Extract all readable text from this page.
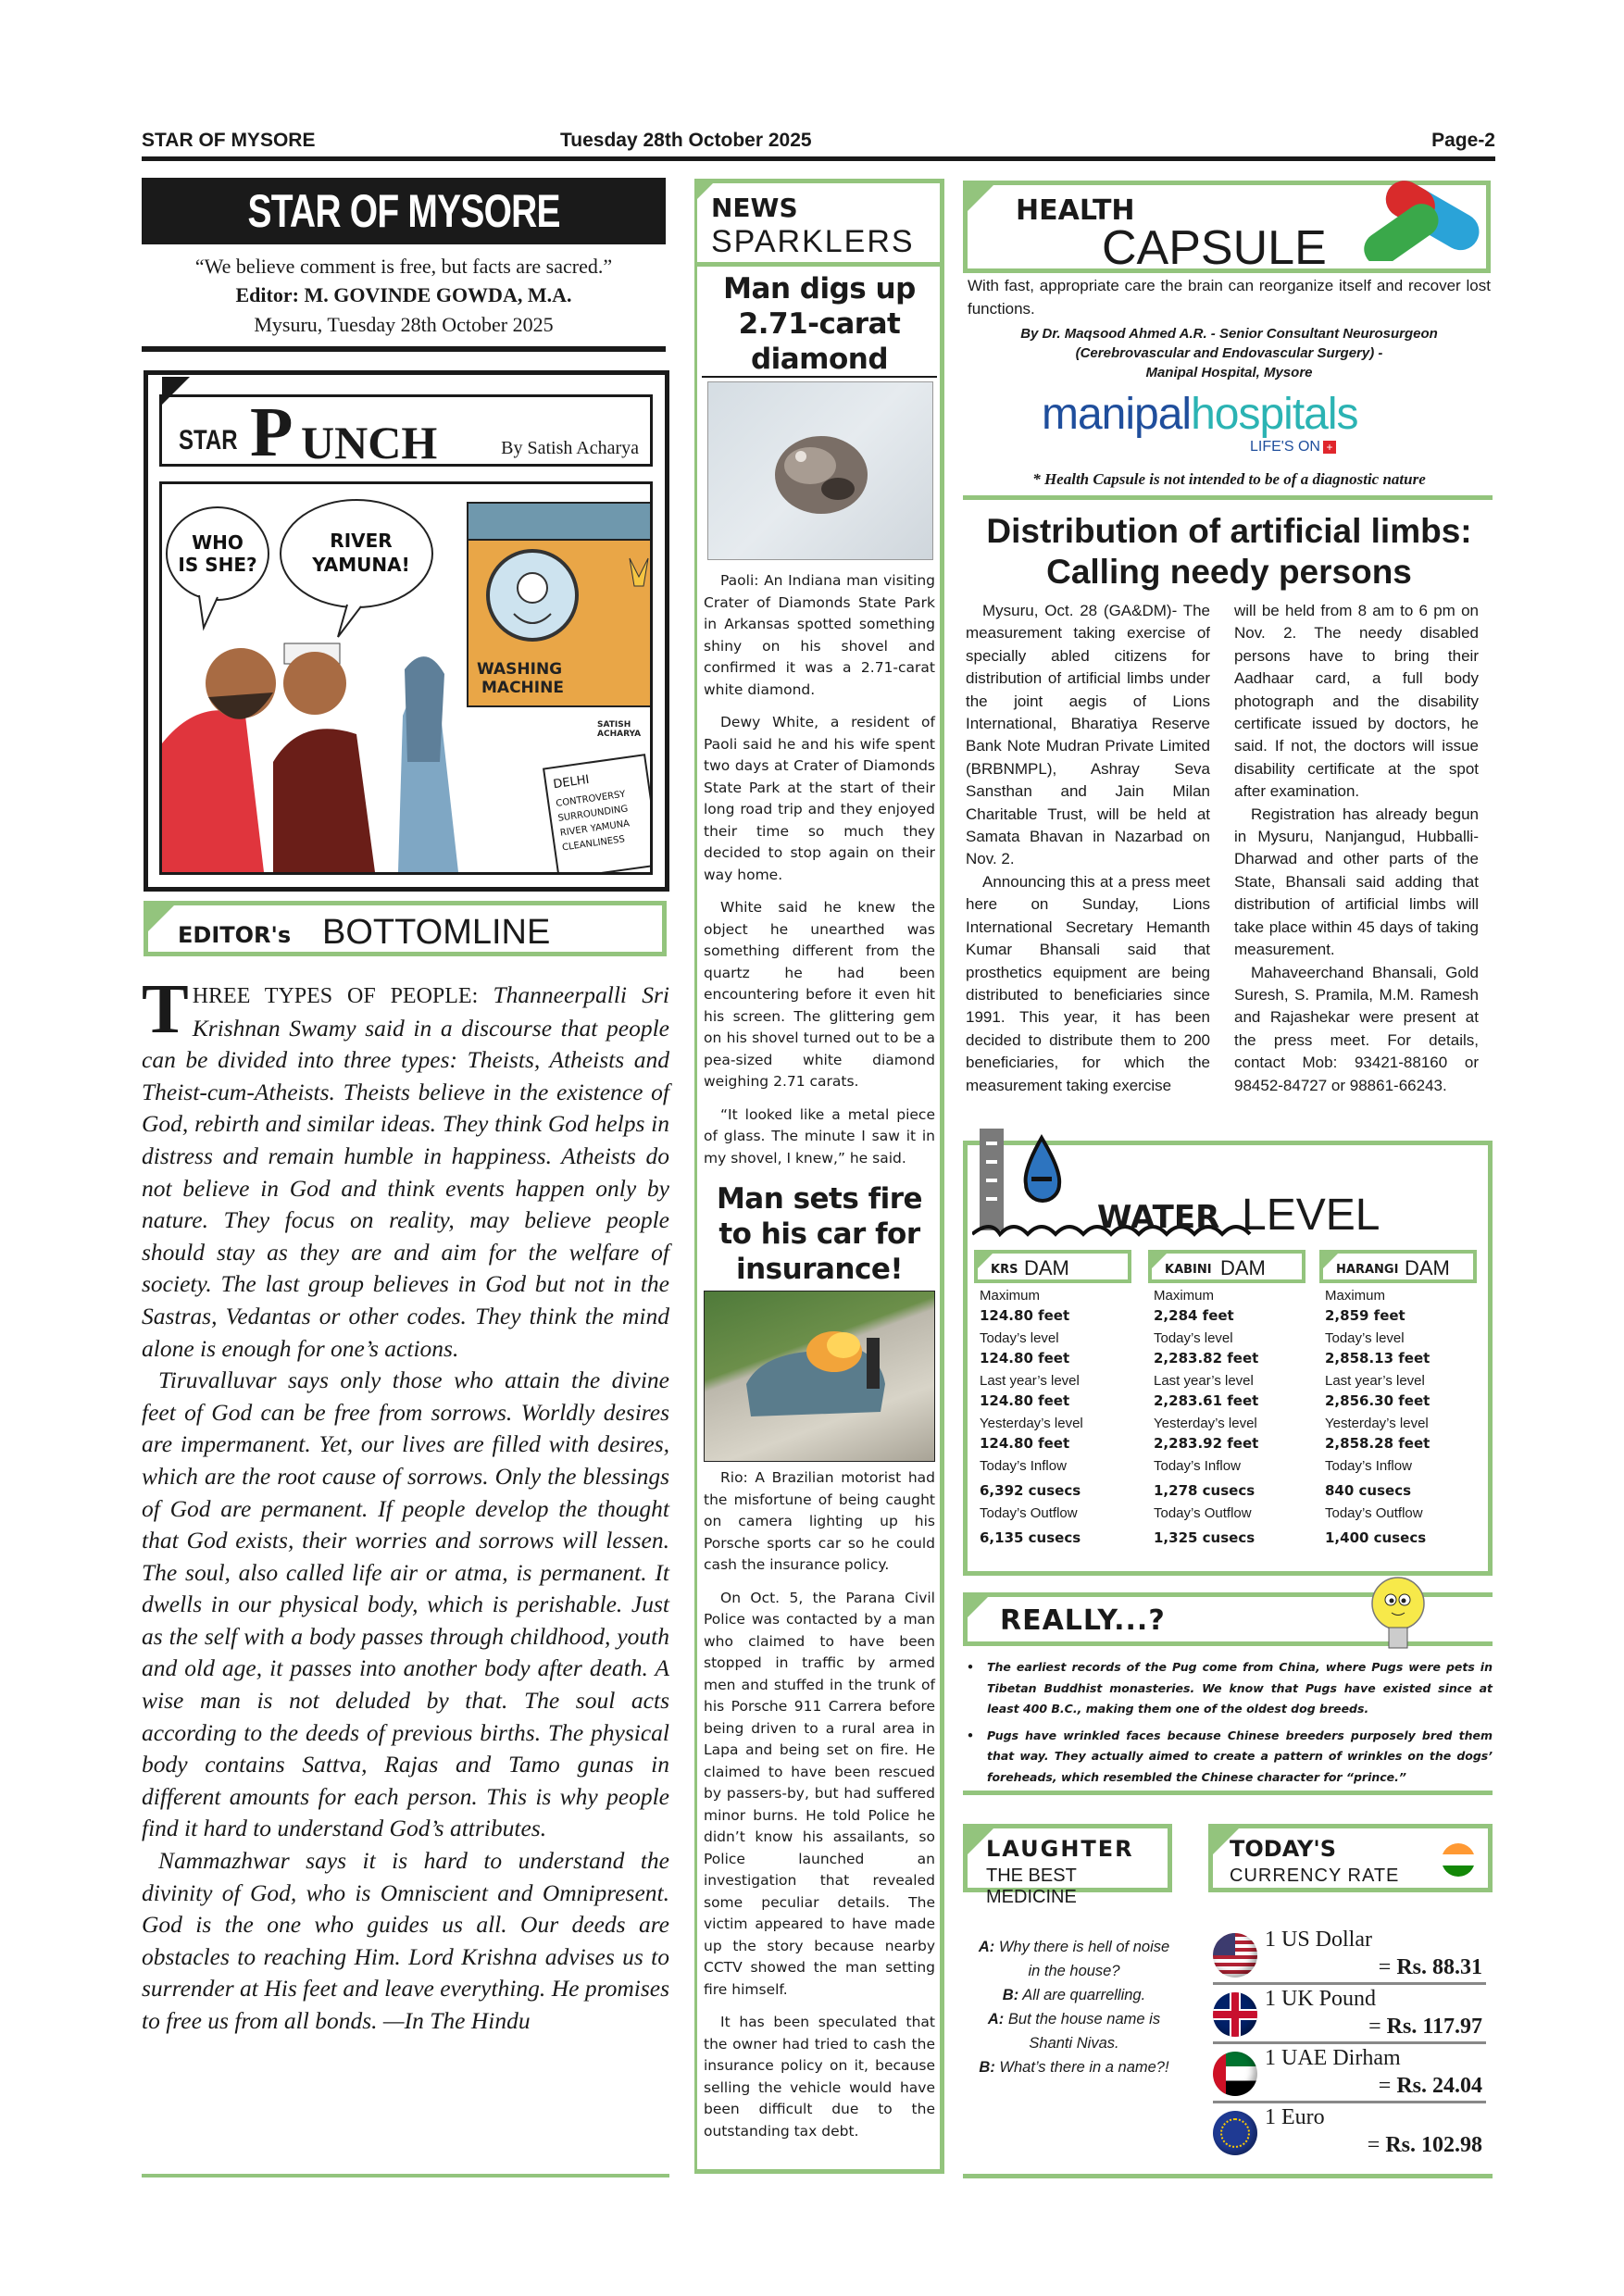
STAR OF MYSORE	Tuesday 28th October 2025	Page-2
STAR OF MYSORE
“We believe comment is free, but facts are sacred.”
Editor: M. GOVINDE GOWDA, M.A.
Mysuru, Tuesday 28th October 2025
STAR P UNCH	By Satish Acharya
WASHING
MACHINE
WHO
IS SHE?
RIVER
YAMUNA!
DELHI
CONTROVERSY
SURROUNDING
RIVER YAMUNA
CLEANLINESS
SATISH
ACHARYA
EDITOR's BOTTOMLINE

THREE TYPES OF PEOPLE: Thanneerpalli Sri Krishnan Swamy said in a discourse that people can be divided into three types: Theists, Atheists and Theist-cum-Atheists. Theists believe in the existence of God, rebirth and similar ideas. They think God helps in distress and remain humble in happiness. Atheists do not believe in God and think events happen only by nature. They focus on reality, may believe people should stay as they are and aim for the welfare of society. The last group believes in God but not in the Sastras, Vedantas or other codes. They think the mind alone is enough for one’s actions.

Tiruvalluvar says only those who attain the divine feet of God can be free from sorrows. Worldly desires are impermanent. Yet, our lives are filled with desires, which are the root cause of sorrows. Only the blessings of God are permanent. If people develop the thought that God exists, their worries and sorrows will lessen. The soul, also called life air or atma, is permanent. It dwells in our physical body, which is perishable. Just as the self with a body passes through childhood, youth and old age, it passes into another body after death. A wise man is not deluded by that. The soul acts according to the deeds of previous births. The physical body contains Sattva, Rajas and Tamo gunas in different amounts for each person. This is why people find it hard to understand God’s attributes.

Nammazhwar says it is hard to understand the divinity of God, who is Omniscient and Omnipresent. God is the one who guides us all. Our deeds are obstacles to reaching Him. Lord Krishna advises us to surrender at His feet and leave everything. He promises to free us from all bonds. —In The Hindu

NEWS
SPARKLERS
Man digs up 2.71-carat diamond

Paoli: An Indiana man visiting Crater of Diamonds State Park in Arkansas spotted something shiny on his shovel and confirmed it was a 2.71-carat white diamond.

Dewy White, a resident of Paoli said he and his wife spent two days at Crater of Diamonds State Park at the start of their long road trip and they enjoyed their time so much they decided to stop again on their way home.

White said he knew the object he unearthed was something different from the quartz he had been encountering before it even hit his screen. The glittering gem on his shovel turned out to be a pea-sized white diamond weighing 2.71 carats.

“It looked like a metal piece of glass. The minute I saw it in my shovel, I knew,” he said.

Man sets fire to his car for insurance!

Rio: A Brazilian motorist had the misfortune of being caught on camera lighting up his Porsche sports car so he could cash the insurance policy.

On Oct. 5, the Parana Civil Police was contacted by a man who claimed to have been stopped in traffic by armed men and stuffed in the trunk of his Porsche 911 Carrera before being driven to a rural area in Lapa and being set on fire. He claimed to have been rescued by passers-by, but had suffered minor burns. He told Police he didn’t know his assailants, so Police launched an investigation that revealed some peculiar details. The victim appeared to have made up the story because nearby CCTV showed the man setting fire himself.

It has been speculated that the owner had tried to cash the insurance policy on it, because selling the vehicle would have been difficult due to the outstanding tax debt.

HEALTH
CAPSULE
With fast, appropriate care the brain can reorganize itself and recover lost functions.
By Dr. Maqsood Ahmed A.R. - Senior Consultant Neurosurgeon
(Cerebrovascular and Endovascular Surgery) -
Manipal Hospital, Mysore
manipalhospitals
LIFE'S ON +
* Health Capsule is not intended to be of a diagnostic nature
Distribution of artificial limbs: Calling needy persons

Mysuru, Oct. 28 (GA&DM)- The measurement taking exercise of specially abled citizens for distribution of artificial limbs under the joint aegis of Lions International, Bharatiya Reserve Bank Note Mudran Private Limited (BRBNMPL), Ashray Seva Sansthan and Jain Milan Charitable Trust, will be held at Samata Bhavan in Nazarbad on Nov. 2.

Announcing this at a press meet here on Sunday, Lions International Secretary Hemanth Kumar Bhansali said that prosthetics equipment are being distributed to beneficiaries since 1991. This year, it has been decided to distribute them to 200 beneficiaries, for which the measurement taking exercise

will be held from 8 am to 6 pm on Nov. 2. The needy disabled persons have to bring their Aadhaar card, a full body photograph and the disability certificate issued by doctors, he said. If not, the doctors will issue disability certificate at the spot after examination.

Registration has already begun in Mysuru, Nanjangud, Hubballi-Dharwad and other parts of the State, Bhansali said adding that distribution of artificial limbs will take place within 45 days of taking measurement.

Mahaveerchand Bhansali, Gold Suresh, S. Pramila, M.M. Ramesh and Rajashekar were present at the press meet. For details, contact Mob: 93421-88160 or 98452-84727 or 98861-66243.

WATER LEVEL
KRS DAM
Maximum
124.80 feet
Today’s level
124.80 feet
Last year’s level
124.80 feet
Yesterday’s level
124.80 feet
Today’s Inflow
6,392 cusecs
Today’s Outflow
6,135 cusecs
KABINI DAM
Maximum
2,284 feet
Today’s level
2,283.82 feet
Last year’s level
2,283.61 feet
Yesterday’s level
2,283.92 feet
Today’s Inflow
1,278 cusecs
Today’s Outflow
1,325 cusecs
HARANGI DAM
Maximum
2,859 feet
Today’s level
2,858.13 feet
Last year’s level
2,856.30 feet
Yesterday’s level
2,858.28 feet
Today’s Inflow
840 cusecs
Today’s Outflow
1,400 cusecs
REALLY...?
• The earliest records of the Pug come from China, where Pugs were pets in Tibetan Buddhist monasteries. We know that Pugs have existed since at least 400 B.C., making them one of the oldest dog breeds.
• Pugs have wrinkled faces because Chinese breeders purposely bred them that way. They actually aimed to create a pattern of wrinkles on the dogs’ foreheads, which resembled the Chinese character for “prince.”
LAUGHTER
THE BEST MEDICINE
A: Why there is hell of noise in the house?
B: All are quarrelling.
A: But the house name is Shanti Nivas.
B: What’s there in a name?!
TODAY'S
CURRENCY RATE
1 US Dollar
= Rs. 88.31
1 UK Pound
= Rs. 117.97
1 UAE Dirham
= Rs. 24.04
1 Euro
= Rs. 102.98
